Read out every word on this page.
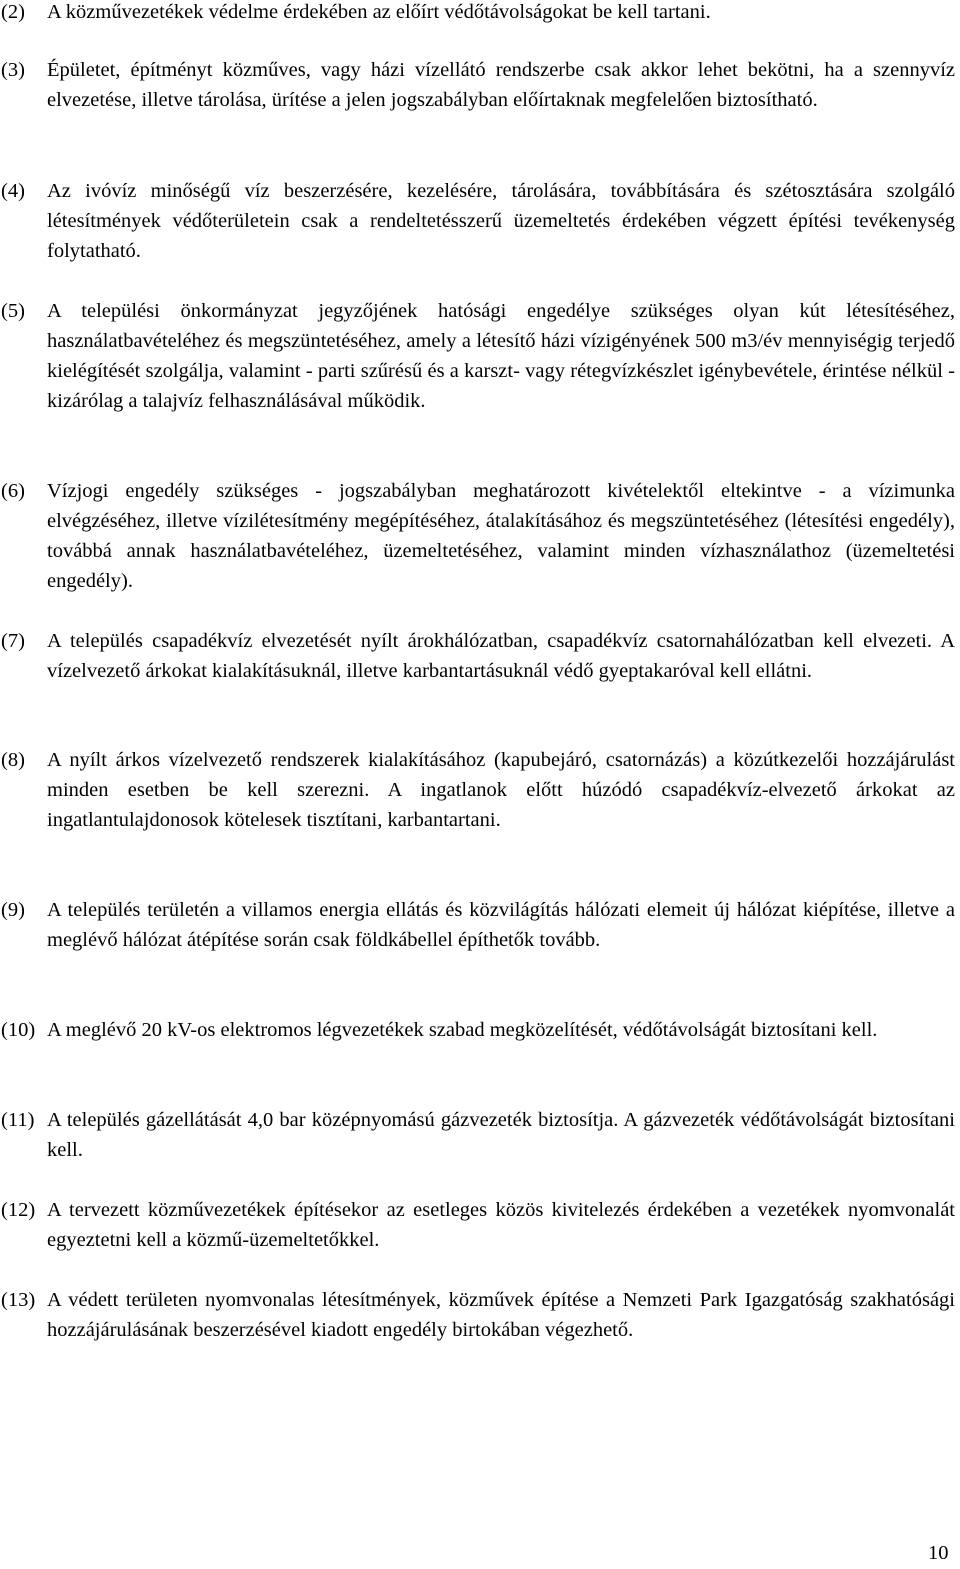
(2) A közművezetékek védelme érdekében az előírt védőtávolságokat be kell tartani.
(3) Épületet, építményt közműves, vagy házi vízellátó rendszerbe csak akkor lehet bekötni, ha a szennyvíz elvezetése, illetve tárolása, ürítése a jelen jogszabályban előírtaknak megfelelően biztosítható.
(4) Az ivóvíz minőségű víz beszerzésére, kezelésére, tárolására, továbbítására és szétosztására szolgáló létesítmények védőterületein csak a rendeltetésszerű üzemeltetés érdekében végzett építési tevékenység folytatható.
(5) A települési önkormányzat jegyzőjének hatósági engedélye szükséges olyan kút létesítéséhez, használatbavételéhez és megszüntetéséhez, amely a létesítő házi vízigényének 500 m3/év mennyiségig terjedő kielégítését szolgálja, valamint - parti szűrésű és a karszt- vagy rétegvízkészlet igénybevétele, érintése nélkül - kizárólag a talajvíz felhasználásával működik.
(6) Vízjogi engedély szükséges - jogszabályban meghatározott kivételektől eltekintve - a vízimunka elvégzéséhez, illetve vízilétesítmény megépítéséhez, átalakításához és megszüntetéséhez (létesítési engedély), továbbá annak használatbavételéhez, üzemeltetéséhez, valamint minden vízhasználathoz (üzemeltetési engedély).
(7) A település csapadékvíz elvezetését nyílt árokhálózatban, csapadékvíz csatornahálózatban kell elvezeti. A vízelvezető árkokat kialakításuknál, illetve karbantartásuknál védő gyeptakaróval kell ellátni.
(8) A nyílt árkos vízelvezető rendszerek kialakításához (kapubejáró, csatornázás) a közútkezelői hozzájárulást minden esetben be kell szerezni. A ingatlanok előtt húzódó csapadékvíz-elvezető árkokat az ingatlantulajdonosok kötelesek tisztítani, karbantartani.
(9) A település területén a villamos energia ellátás és közvilágítás hálózati elemeit új hálózat kiépítése, illetve a meglévő hálózat átépítése során csak földkábellel építhetők tovább.
(10) A meglévő 20 kV-os elektromos légvezetékek szabad megközelítését, védőtávolságát biztosítani kell.
(11) A település gázellátását 4,0 bar középnyomású gázvezeték biztosítja. A gázvezeték védőtávolságát biztosítani kell.
(12) A tervezett közművezetékek építésekor az esetleges közös kivitelezés érdekében a vezetékek nyomvonalát egyeztetni kell a közmű-üzemeltetőkkel.
(13) A védett területen nyomvonalas létesítmények, közművek építése a Nemzeti Park Igazgatóság szakhatósági hozzájárulásának beszerzésével kiadott engedély birtokában végezhető.
10
